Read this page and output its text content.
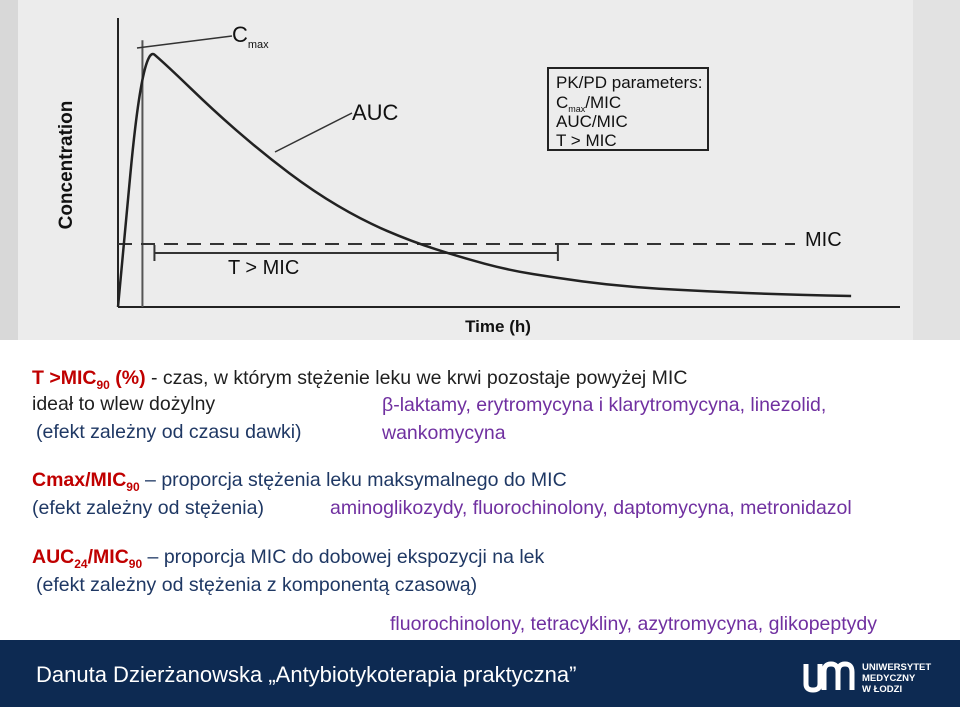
$C_{max}$
AUC
MIC
T > MIC
Time (h)
Concentration
PK/PD parameters:
$C_{max}$/MIC
AUC/MIC
T > MIC
$T >MIC_{90}$ (%) - czas, w którym stężenie leku we krwi pozostaje powyżej MIC
ideał to wlew dożylny
(efekt zależny od czasu dawki)
β-laktamy, erytromycyna i klarytromycyna, linezolid,
wankomycyna
Cmax/$MIC_{90}$ – proporcja stężenia leku maksymalnego do MIC
(efekt zależny od stężenia)	aminoglikozydy, fluorochinolony, daptomycyna, metronidazol
$AUC_{24}/MIC_{90}$ – proporcja MIC do dobowej ekspozycji na lek
(efekt zależny od stężenia z komponentą czasową)
fluorochinolony, tetracykliny, azytromycyna, glikopeptydy
Danuta Dzierżanowska „Antybiotykoterapia praktyczna”	UNIWERSYTET
MEDYCZNY
W ŁODZI
